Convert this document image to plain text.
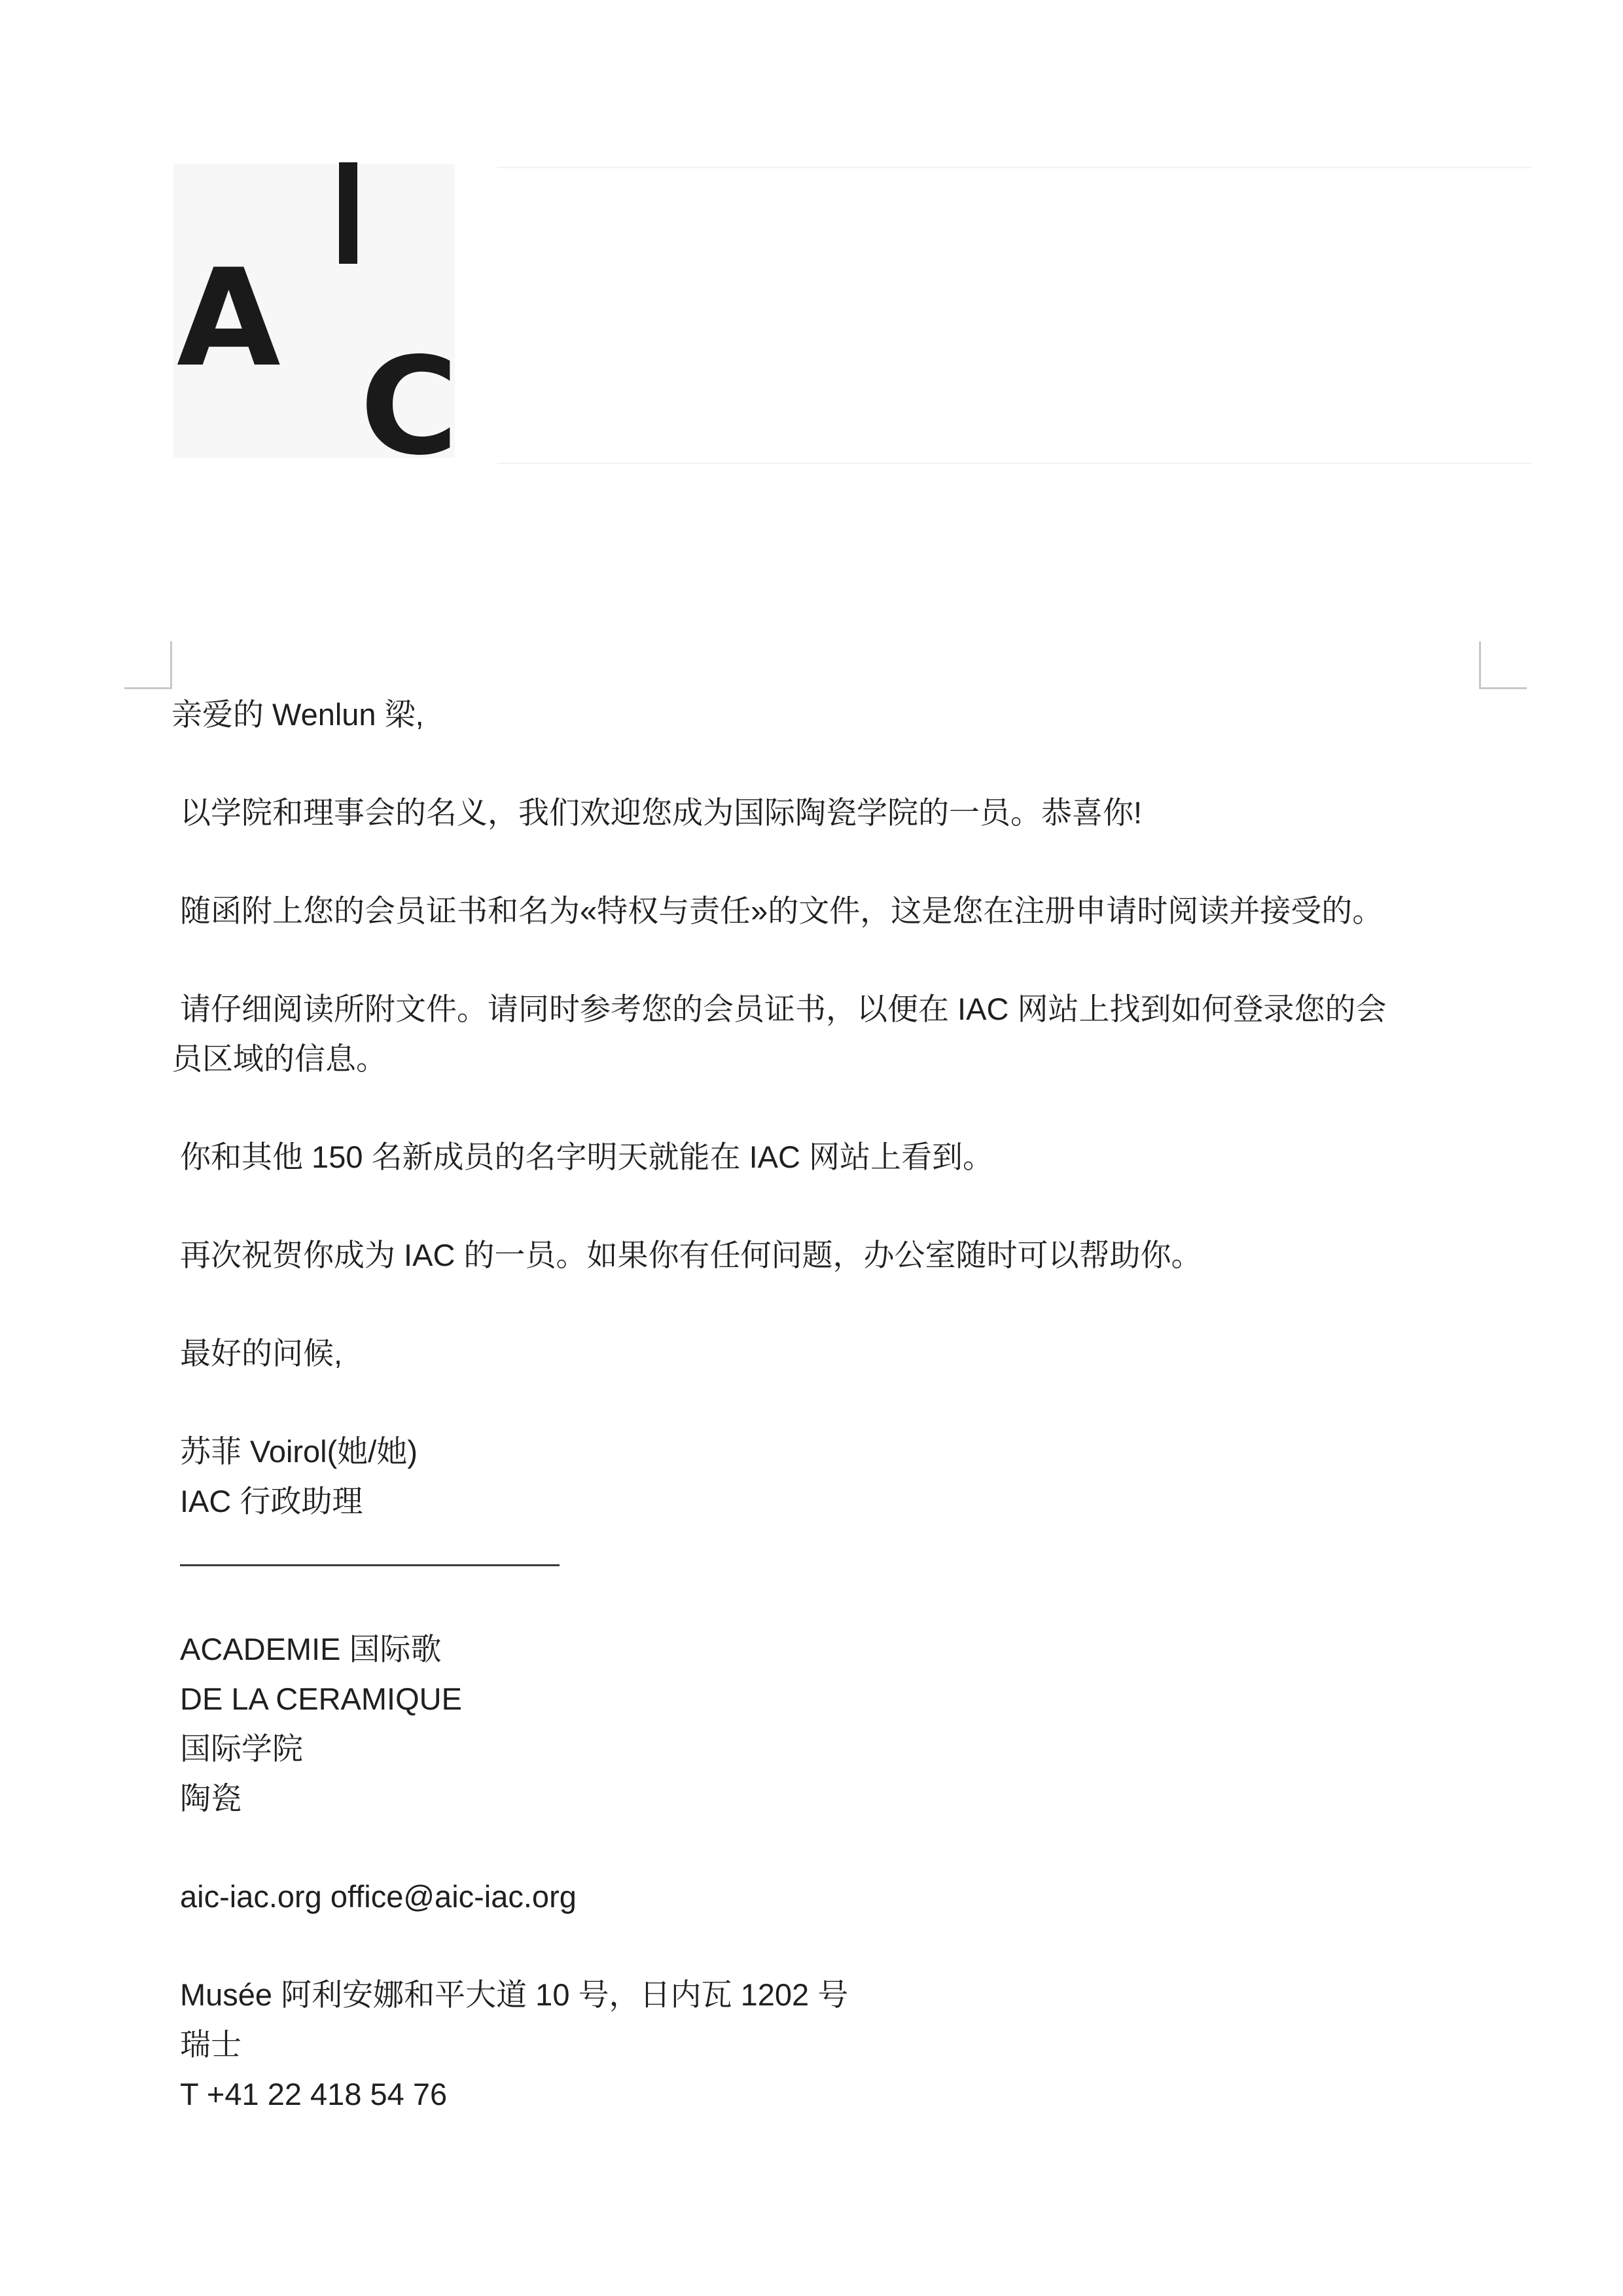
A
C

亲爱的 Wenlun 梁,

以学院和理事会的名义，我们欢迎您成为国际陶瓷学院的一员。恭喜你!

随函附上您的会员证书和名为«特权与责任»的文件，这是您在注册申请时阅读并接受的。

请仔细阅读所附文件。请同时参考您的会员证书，以便在 IAC 网站上找到如何登录您的会

员区域的信息。

你和其他 150 名新成员的名字明天就能在 IAC 网站上看到。

再次祝贺你成为 IAC 的一员。如果你有任何问题，办公室随时可以帮助你。

最好的问候,

苏菲 Voirol(她/她)

IAC 行政助理

ACADEMIE 国际歌

DE LA CERAMIQUE

国际学院

陶瓷

aic-iac.org office@aic-iac.org

Musée 阿利安娜和平大道 10 号，日内瓦 1202 号

瑞士

T +41 22 418 54 76
